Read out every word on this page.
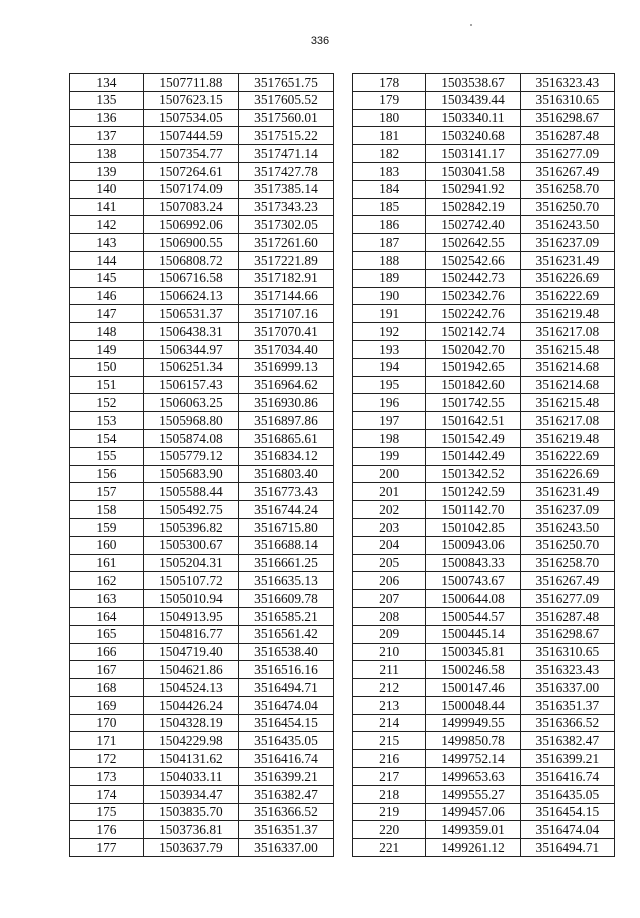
336
134	1507711.88	3517651.75
135	1507623.15	3517605.52
136	1507534.05	3517560.01
137	1507444.59	3517515.22
138	1507354.77	3517471.14
139	1507264.61	3517427.78
140	1507174.09	3517385.14
141	1507083.24	3517343.23
142	1506992.06	3517302.05
143	1506900.55	3517261.60
144	1506808.72	3517221.89
145	1506716.58	3517182.91
146	1506624.13	3517144.66
147	1506531.37	3517107.16
148	1506438.31	3517070.41
149	1506344.97	3517034.40
150	1506251.34	3516999.13
151	1506157.43	3516964.62
152	1506063.25	3516930.86
153	1505968.80	3516897.86
154	1505874.08	3516865.61
155	1505779.12	3516834.12
156	1505683.90	3516803.40
157	1505588.44	3516773.43
158	1505492.75	3516744.24
159	1505396.82	3516715.80
160	1505300.67	3516688.14
161	1505204.31	3516661.25
162	1505107.72	3516635.13
163	1505010.94	3516609.78
164	1504913.95	3516585.21
165	1504816.77	3516561.42
166	1504719.40	3516538.40
167	1504621.86	3516516.16
168	1504524.13	3516494.71
169	1504426.24	3516474.04
170	1504328.19	3516454.15
171	1504229.98	3516435.05
172	1504131.62	3516416.74
173	1504033.11	3516399.21
174	1503934.47	3516382.47
175	1503835.70	3516366.52
176	1503736.81	3516351.37
177	1503637.79	3516337.00
178	1503538.67	3516323.43
179	1503439.44	3516310.65
180	1503340.11	3516298.67
181	1503240.68	3516287.48
182	1503141.17	3516277.09
183	1503041.58	3516267.49
184	1502941.92	3516258.70
185	1502842.19	3516250.70
186	1502742.40	3516243.50
187	1502642.55	3516237.09
188	1502542.66	3516231.49
189	1502442.73	3516226.69
190	1502342.76	3516222.69
191	1502242.76	3516219.48
192	1502142.74	3516217.08
193	1502042.70	3516215.48
194	1501942.65	3516214.68
195	1501842.60	3516214.68
196	1501742.55	3516215.48
197	1501642.51	3516217.08
198	1501542.49	3516219.48
199	1501442.49	3516222.69
200	1501342.52	3516226.69
201	1501242.59	3516231.49
202	1501142.70	3516237.09
203	1501042.85	3516243.50
204	1500943.06	3516250.70
205	1500843.33	3516258.70
206	1500743.67	3516267.49
207	1500644.08	3516277.09
208	1500544.57	3516287.48
209	1500445.14	3516298.67
210	1500345.81	3516310.65
211	1500246.58	3516323.43
212	1500147.46	3516337.00
213	1500048.44	3516351.37
214	1499949.55	3516366.52
215	1499850.78	3516382.47
216	1499752.14	3516399.21
217	1499653.63	3516416.74
218	1499555.27	3516435.05
219	1499457.06	3516454.15
220	1499359.01	3516474.04
221	1499261.12	3516494.71
